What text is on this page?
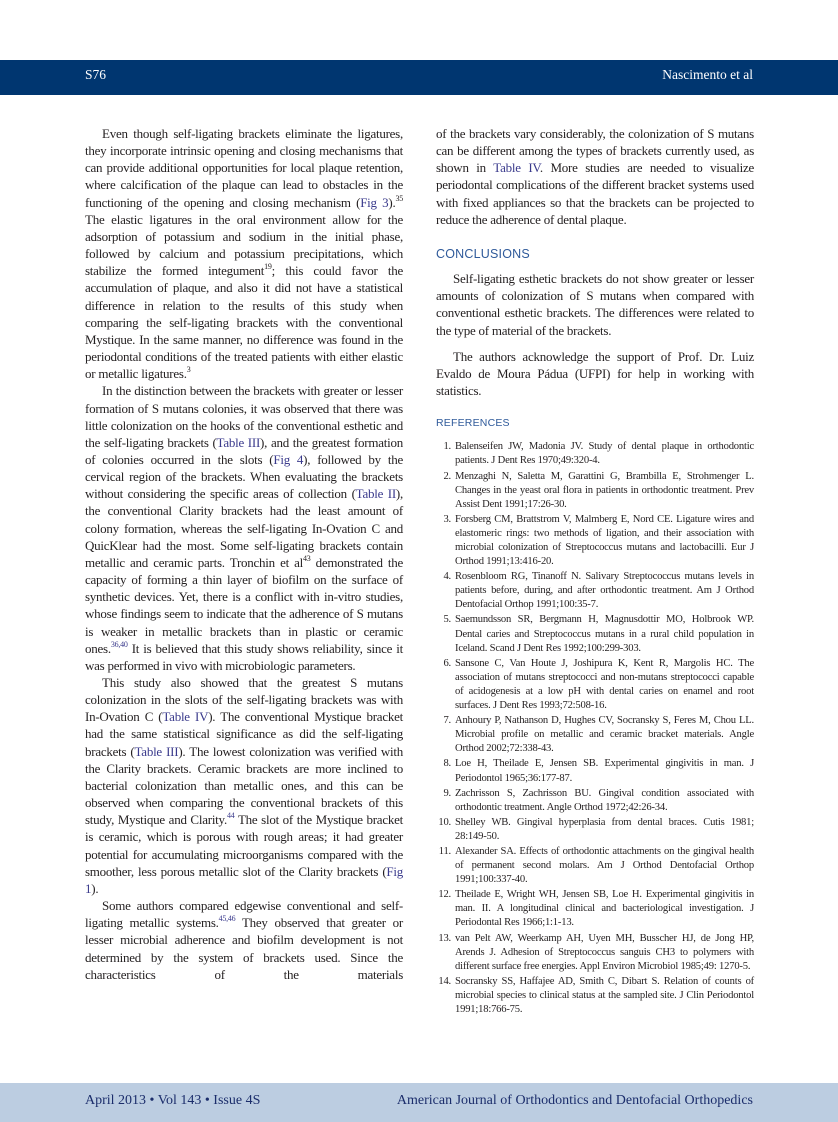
S76	Nascimento et al

Even though self-ligating brackets eliminate the ligatures, they incorporate intrinsic opening and closing mechanisms that can provide additional opportunities for local plaque retention, where calcification of the plaque can lead to obstacles in the functioning of the opening and closing mechanism (Fig 3).$^{35}$ The elastic ligatures in the oral environment allow for the adsorption of potassium and sodium in the initial phase, followed by calcium and potassium precipitations, which stabilize the formed integument$^{19}$; this could favor the accumulation of plaque, and also it did not have a statistical difference in relation to the results of this study when comparing the self-ligating brackets with the conventional Mystique. In the same manner, no difference was found in the periodontal conditions of the treated patients with either elastic or metallic ligatures.$^3$

In the distinction between the brackets with greater or lesser formation of S mutans colonies, it was observed that there was little colonization on the hooks of the conventional esthetic and the self-ligating brackets (Table III), and the greatest formation of colonies occurred in the slots (Fig 4), followed by the cervical region of the brackets. When evaluating the brackets without considering the specific areas of collection (Table II), the conventional Clarity brackets had the least amount of colony formation, whereas the self-ligating In-Ovation C and QuicKlear had the most. Some self-ligating brackets contain metallic and ceramic parts. Tronchin et $al^{43}$ demonstrated the capacity of forming a thin layer of biofilm on the surface of synthetic devices. Yet, there is a conflict with in-vitro studies, whose findings seem to indicate that the adherence of S mutans is weaker in metallic brackets than in plastic or ceramic ones.$^{36,40}$ It is believed that this study shows reliability, since it was performed in vivo with microbiologic parameters.

This study also showed that the greatest S mutans colonization in the slots of the self-ligating brackets was with In-Ovation C (Table IV). The conventional Mystique bracket had the same statistical significance as did the self-ligating brackets (Table III). The lowest colonization was verified with the Clarity brackets. Ceramic brackets are more inclined to bacterial colonization than metallic ones, and this can be observed when comparing the conventional brackets of this study, Mystique and Clarity.$^{44}$ The slot of the Mystique bracket is ceramic, which is porous with rough areas; it had greater potential for accumulating microorganisms compared with the smoother, less porous metallic slot of the Clarity brackets (Fig 1).

Some authors compared edgewise conventional and self-ligating metallic systems.$^{45,46}$ They observed that greater or lesser microbial adherence and biofilm development is not determined by the system of brackets used. Since the characteristics of the materials

of the brackets vary considerably, the colonization of S mutans can be different among the types of brackets currently used, as shown in Table IV. More studies are needed to visualize periodontal complications of the different bracket systems used with fixed appliances so that the brackets can be projected to reduce the adherence of dental plaque.

CONCLUSIONS

Self-ligating esthetic brackets do not show greater or lesser amounts of colonization of S mutans when compared with conventional esthetic brackets. The differences were related to the type of material of the brackets.

The authors acknowledge the support of Prof. Dr. Luiz Evaldo de Moura Pádua (UFPI) for help in working with statistics.

REFERENCES
1. Balenseifen JW, Madonia JV. Study of dental plaque in orthodontic patients. J Dent Res 1970;49:320-4.
2. Menzaghi N, Saletta M, Garattini G, Brambilla E, Strohmenger L. Changes in the yeast oral flora in patients in orthodontic treatment. Prev Assist Dent 1991;17:26-30.
3. Forsberg CM, Brattstrom V, Malmberg E, Nord CE. Ligature wires and elastomeric rings: two methods of ligation, and their association with microbial colonization of Streptococcus mutans and lactobacilli. Eur J Orthod 1991;13:416-20.
4. Rosenbloom RG, Tinanoff N. Salivary Streptococcus mutans levels in patients before, during, and after orthodontic treatment. Am J Orthod Dentofacial Orthop 1991;100:35-7.
5. Saemundsson SR, Bergmann H, Magnusdottir MO, Holbrook WP. Dental caries and Streptococcus mutans in a rural child population in Iceland. Scand J Dent Res 1992;100:299-303.
6. Sansone C, Van Houte J, Joshipura K, Kent R, Margolis HC. The association of mutans streptococci and non-mutans streptococci capable of acidogenesis at a low pH with dental caries on enamel and root surfaces. J Dent Res 1993;72:508-16.
7. Anhoury P, Nathanson D, Hughes CV, Socransky S, Feres M, Chou LL. Microbial profile on metallic and ceramic bracket materials. Angle Orthod 2002;72:338-43.
8. Loe H, Theilade E, Jensen SB. Experimental gingivitis in man. J Periodontol 1965;36:177-87.
9. Zachrisson S, Zachrisson BU. Gingival condition associated with orthodontic treatment. Angle Orthod 1972;42:26-34.
10. Shelley WB. Gingival hyperplasia from dental braces. Cutis 1981; 28:149-50.
11. Alexander SA. Effects of orthodontic attachments on the gingival health of permanent second molars. Am J Orthod Dentofacial Orthop 1991;100:337-40.
12. Theilade E, Wright WH, Jensen SB, Loe H. Experimental gingivitis in man. II. A longitudinal clinical and bacteriological investigation. J Periodontal Res 1966;1:1-13.
13. van Pelt AW, Weerkamp AH, Uyen MH, Busscher HJ, de Jong HP, Arends J. Adhesion of Streptococcus sanguis CH3 to polymers with different surface free energies. Appl Environ Microbiol 1985;49: 1270-5.
14. Socransky SS, Haffajee AD, Smith C, Dibart S. Relation of counts of microbial species to clinical status at the sampled site. J Clin Periodontol 1991;18:766-75.
April 2013 • Vol 143 • Issue 4S	American Journal of Orthodontics and Dentofacial Orthopedics
